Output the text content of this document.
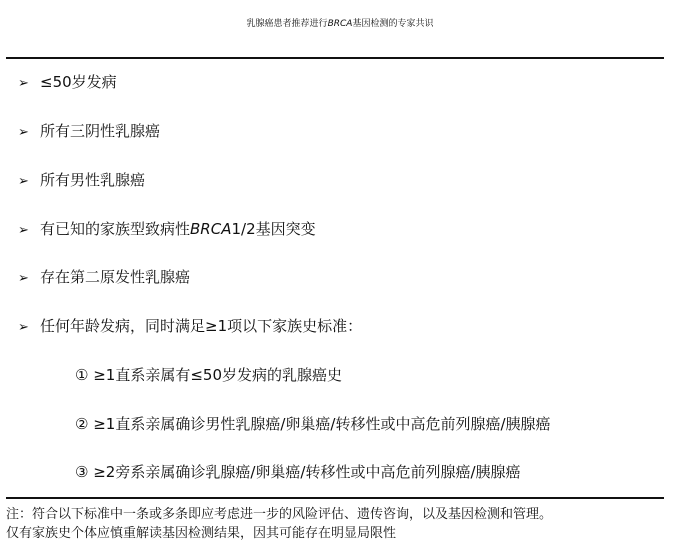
乳腺癌患者推荐进行BRCA基因检测的专家共识
➢ ≤50岁发病
➢ 所有三阴性乳腺癌
➢ 所有男性乳腺癌
➢ 有已知的家族型致病性BRCA1/2基因突变
➢ 存在第二原发性乳腺癌
➢ 任何年龄发病，同时满足≥1项以下家族史标准：
① ≥1直系亲属有≤50岁发病的乳腺癌史
② ≥1直系亲属确诊男性乳腺癌/卵巢癌/转移性或中高危前列腺癌/胰腺癌
③ ≥2旁系亲属确诊乳腺癌/卵巢癌/转移性或中高危前列腺癌/胰腺癌
注：符合以下标准中一条或多条即应考虑进一步的风险评估、遗传咨询，以及基因检测和管理。
仅有家族史个体应慎重解读基因检测结果，因其可能存在明显局限性
